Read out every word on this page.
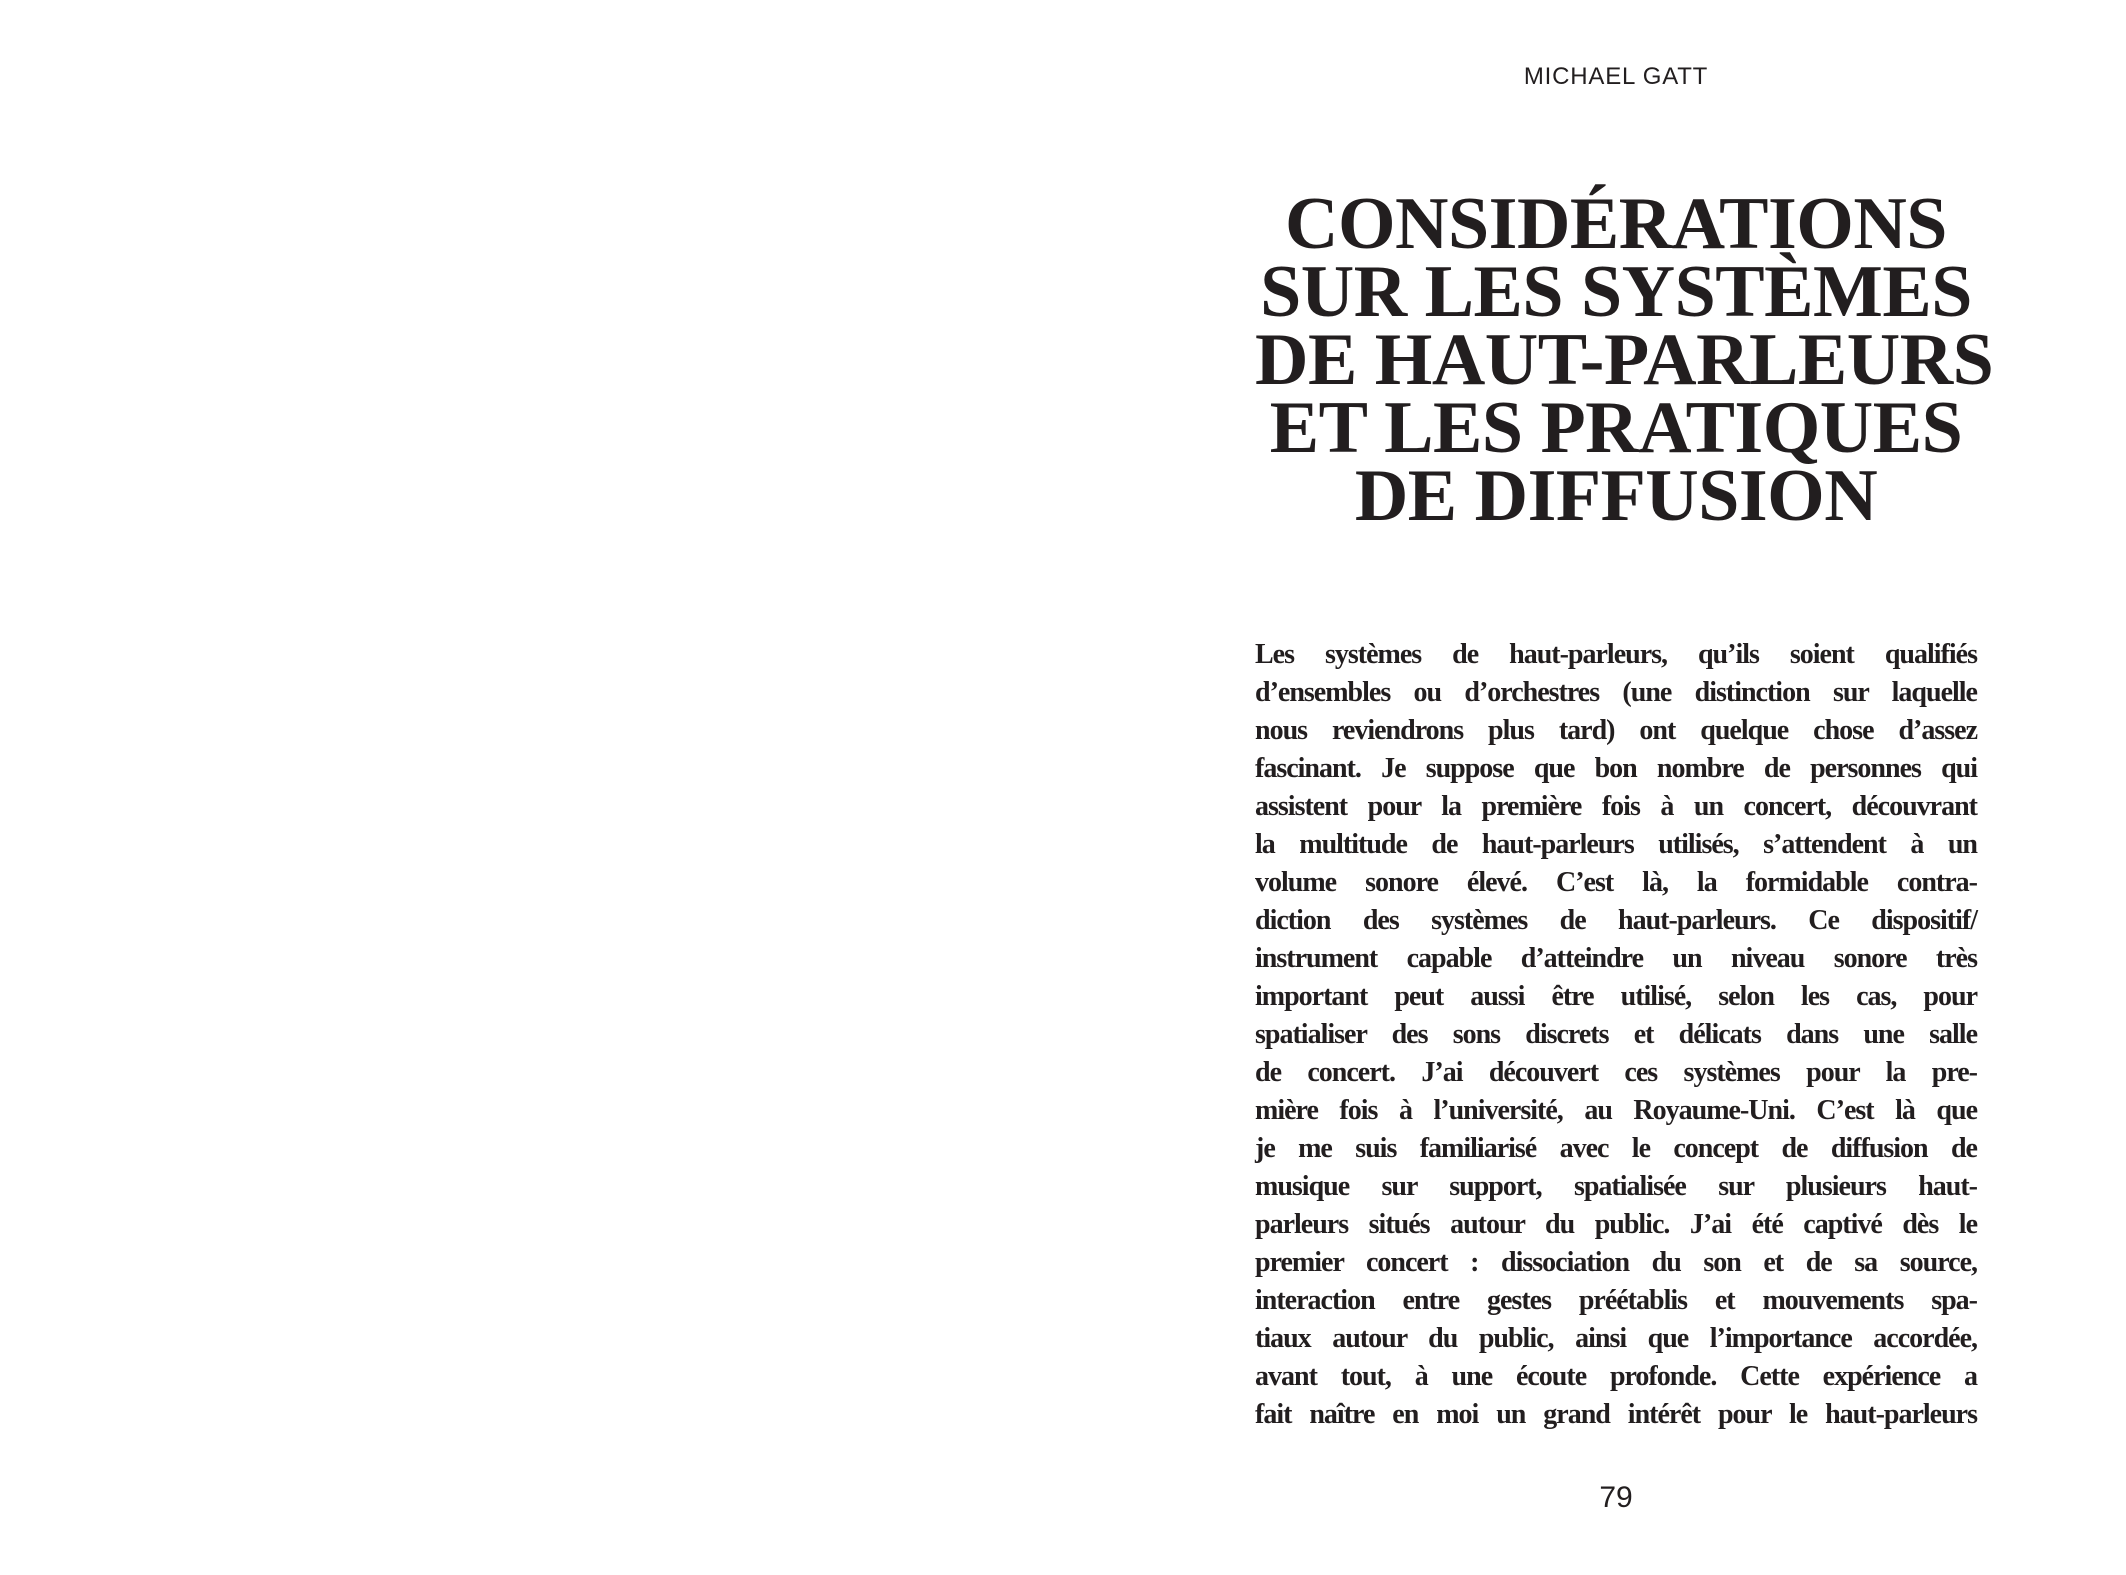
MICHAEL GATT
CONSIDÉRATIONS
SUR LES SYSTÈMES
DE HAUT-PARLEURS
ET LES PRATIQUES
DE DIFFUSION
Les systèmes de haut-parleurs, qu’ils soient qualifiés
d’ensembles ou d’orchestres (une distinction sur laquelle
nous reviendrons plus tard) ont quelque chose d’assez
fascinant. Je suppose que bon nombre de personnes qui
assistent pour la première fois à un concert, découvrant
la multitude de haut-parleurs utilisés, s’attendent à un
volume sonore élevé. C’est là, la formidable contra-
diction des systèmes de haut-parleurs. Ce dispositif/
instrument capable d’atteindre un niveau sonore très
important peut aussi être utilisé, selon les cas, pour
spatialiser des sons discrets et délicats dans une salle
de concert. J’ai découvert ces systèmes pour la pre-
mière fois à l’université, au Royaume-Uni. C’est là que
je me suis familiarisé avec le concept de diffusion de
musique sur support, spatialisée sur plusieurs haut-
parleurs situés autour du public. J’ai été captivé dès le
premier concert : dissociation du son et de sa source,
interaction entre gestes préétablis et mouvements spa-
tiaux autour du public, ainsi que l’importance accordée,
avant tout, à une écoute profonde. Cette expérience a
fait naître en moi un grand intérêt pour le haut-parleurs
79
